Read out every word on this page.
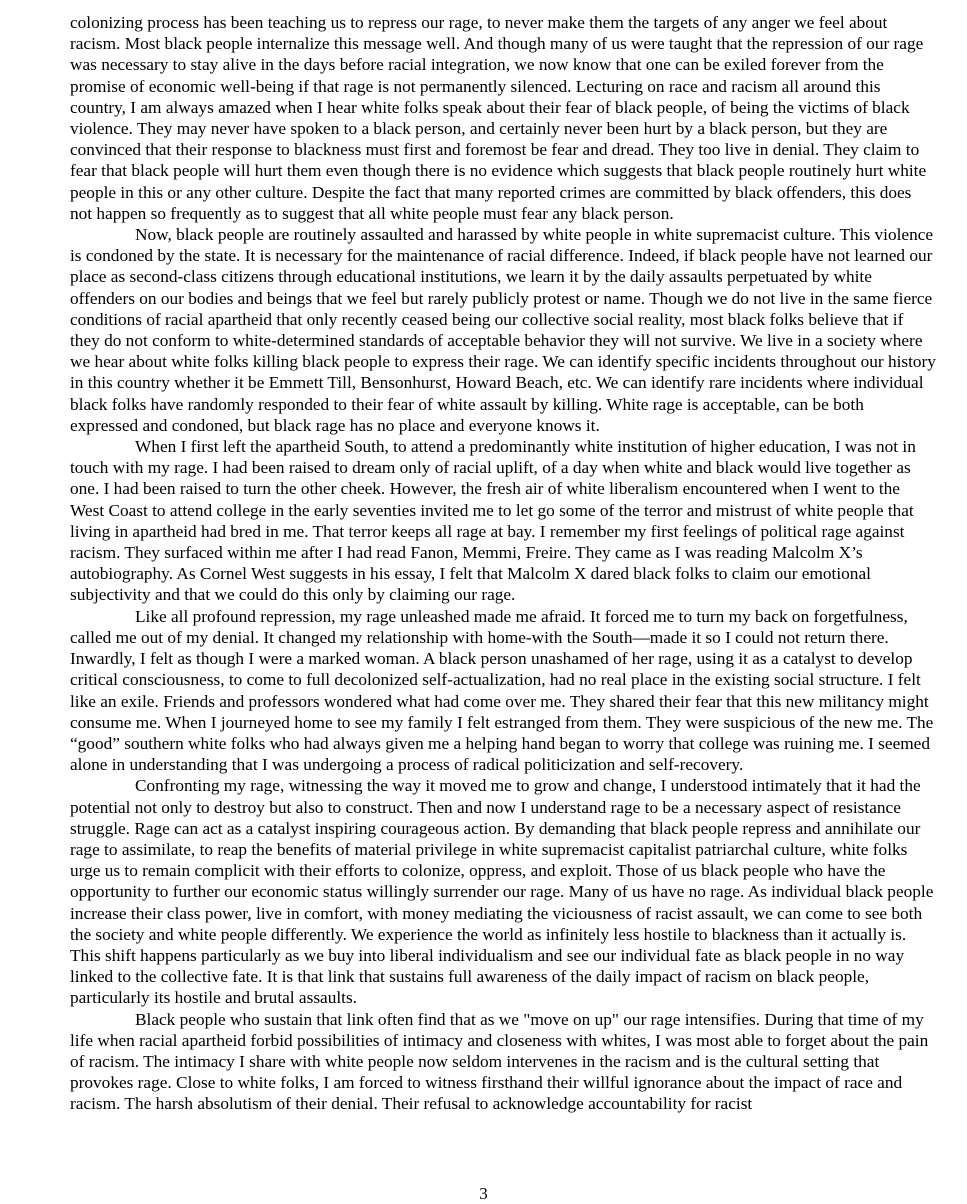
colonizing process has been teaching us to repress our rage, to never make them the targets of any anger we feel about racism. Most black people internalize this message well. And though many of us were taught that the repression of our rage was necessary to stay alive in the days before racial integration, we now know that one can be exiled forever from the promise of economic well-being if that rage is not permanently silenced. Lecturing on race and racism all around this country, I am always amazed when I hear white folks speak about their fear of black people, of being the victims of black violence. They may never have spoken to a black person, and certainly never been hurt by a black person, but they are convinced that their response to blackness must first and foremost be fear and dread. They too live in denial. They claim to fear that black people will hurt them even though there is no evidence which suggests that black people routinely hurt white people in this or any other culture. Despite the fact that many reported crimes are committed by black offenders, this does not happen so frequently as to suggest that all white people must fear any black person.

Now, black people are routinely assaulted and harassed by white people in white supremacist culture. This violence is condoned by the state. It is necessary for the maintenance of racial difference. Indeed, if black people have not learned our place as second-class citizens through educational institutions, we learn it by the daily assaults perpetuated by white offenders on our bodies and beings that we feel but rarely publicly protest or name. Though we do not live in the same fierce conditions of racial apartheid that only recently ceased being our collective social reality, most black folks believe that if they do not conform to white-determined standards of acceptable behavior they will not survive. We live in a society where we hear about white folks killing black people to express their rage. We can identify specific incidents throughout our history in this country whether it be Emmett Till, Bensonhurst, Howard Beach, etc. We can identify rare incidents where individual black folks have randomly responded to their fear of white assault by killing. White rage is acceptable, can be both expressed and condoned, but black rage has no place and everyone knows it.

When I first left the apartheid South, to attend a predominantly white institution of higher education, I was not in touch with my rage. I had been raised to dream only of racial uplift, of a day when white and black would live together as one. I had been raised to turn the other cheek. However, the fresh air of white liberalism encountered when I went to the West Coast to attend college in the early seventies invited me to let go some of the terror and mistrust of white people that living in apartheid had bred in me. That terror keeps all rage at bay. I remember my first feelings of political rage against racism. They surfaced within me after I had read Fanon, Memmi, Freire. They came as I was reading Malcolm X’s autobiography. As Cornel West suggests in his essay, I felt that Malcolm X dared black folks to claim our emotional subjectivity and that we could do this only by claiming our rage.

Like all profound repression, my rage unleashed made me afraid. It forced me to turn my back on forgetfulness, called me out of my denial. It changed my relationship with home-with the South—made it so I could not return there. Inwardly, I felt as though I were a marked woman. A black person unashamed of her rage, using it as a catalyst to develop critical consciousness, to come to full decolonized self-actualization, had no real place in the existing social structure. I felt like an exile. Friends and professors wondered what had come over me. They shared their fear that this new militancy might consume me. When I journeyed home to see my family I felt estranged from them. They were suspicious of the new me. The “good” southern white folks who had always given me a helping hand began to worry that college was ruining me. I seemed alone in understanding that I was undergoing a process of radical politicization and self-recovery.

Confronting my rage, witnessing the way it moved me to grow and change, I understood intimately that it had the potential not only to destroy but also to construct. Then and now I understand rage to be a necessary aspect of resistance struggle. Rage can act as a catalyst inspiring courageous action. By demanding that black people repress and annihilate our rage to assimilate, to reap the benefits of material privilege in white supremacist capitalist patriarchal culture, white folks urge us to remain complicit with their efforts to colonize, oppress, and exploit. Those of us black people who have the opportunity to further our economic status willingly surrender our rage. Many of us have no rage. As individual black people increase their class power, live in comfort, with money mediating the viciousness of racist assault, we can come to see both the society and white people differently. We experience the world as infinitely less hostile to blackness than it actually is. This shift happens particularly as we buy into liberal individualism and see our individual fate as black people in no way linked to the collective fate. It is that link that sustains full awareness of the daily impact of racism on black people, particularly its hostile and brutal assaults.

Black people who sustain that link often find that as we "move on up" our rage intensifies. During that time of my life when racial apartheid forbid possibilities of intimacy and closeness with whites, I was most able to forget about the pain of racism. The intimacy I share with white people now seldom intervenes in the racism and is the cultural setting that provokes rage. Close to white folks, I am forced to witness firsthand their willful ignorance about the impact of race and racism. The harsh absolutism of their denial. Their refusal to acknowledge accountability for racist

3
